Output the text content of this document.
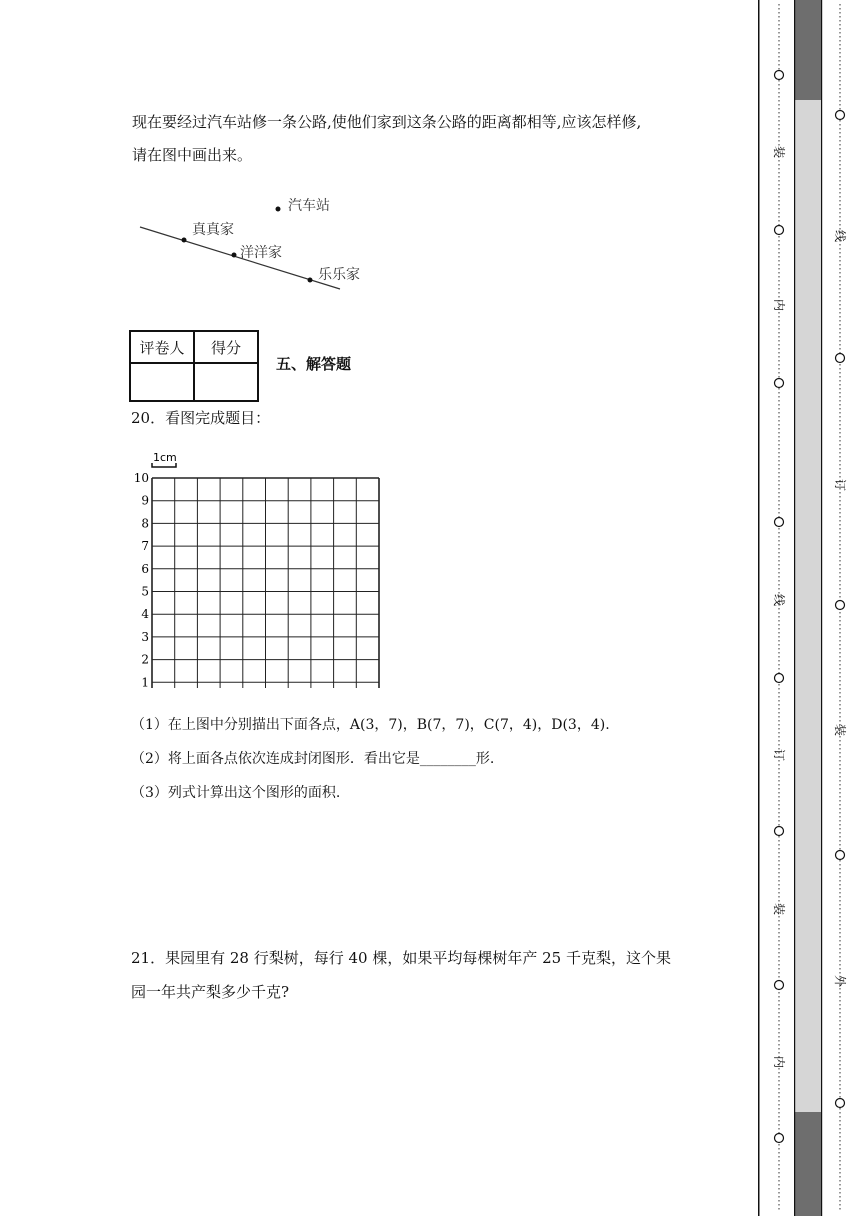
现在要经过汽车站修一条公路,使他们家到这条公路的距离都相等,应该怎样修,
请在图中画出来。
汽车站
真真家
洋洋家
乐乐家
评卷人	得分

五、解答题
20．看图完成题目：
1
2
3
4
5
6
7
8
9
10
1cm
（1）在上图中分别描出下面各点，A(3，7)，B(7，7)，C(7，4)，D(3，4).
（2）将上面各点依次连成封闭图形．看出它是________形.
（3）列式计算出这个图形的面积.
21．果园里有 28 行梨树，每行 40 棵，如果平均每棵树年产 25 千克梨，这个果
园一年共产梨多少千克?
装
内
线
订
装
内
线
订
装
外
